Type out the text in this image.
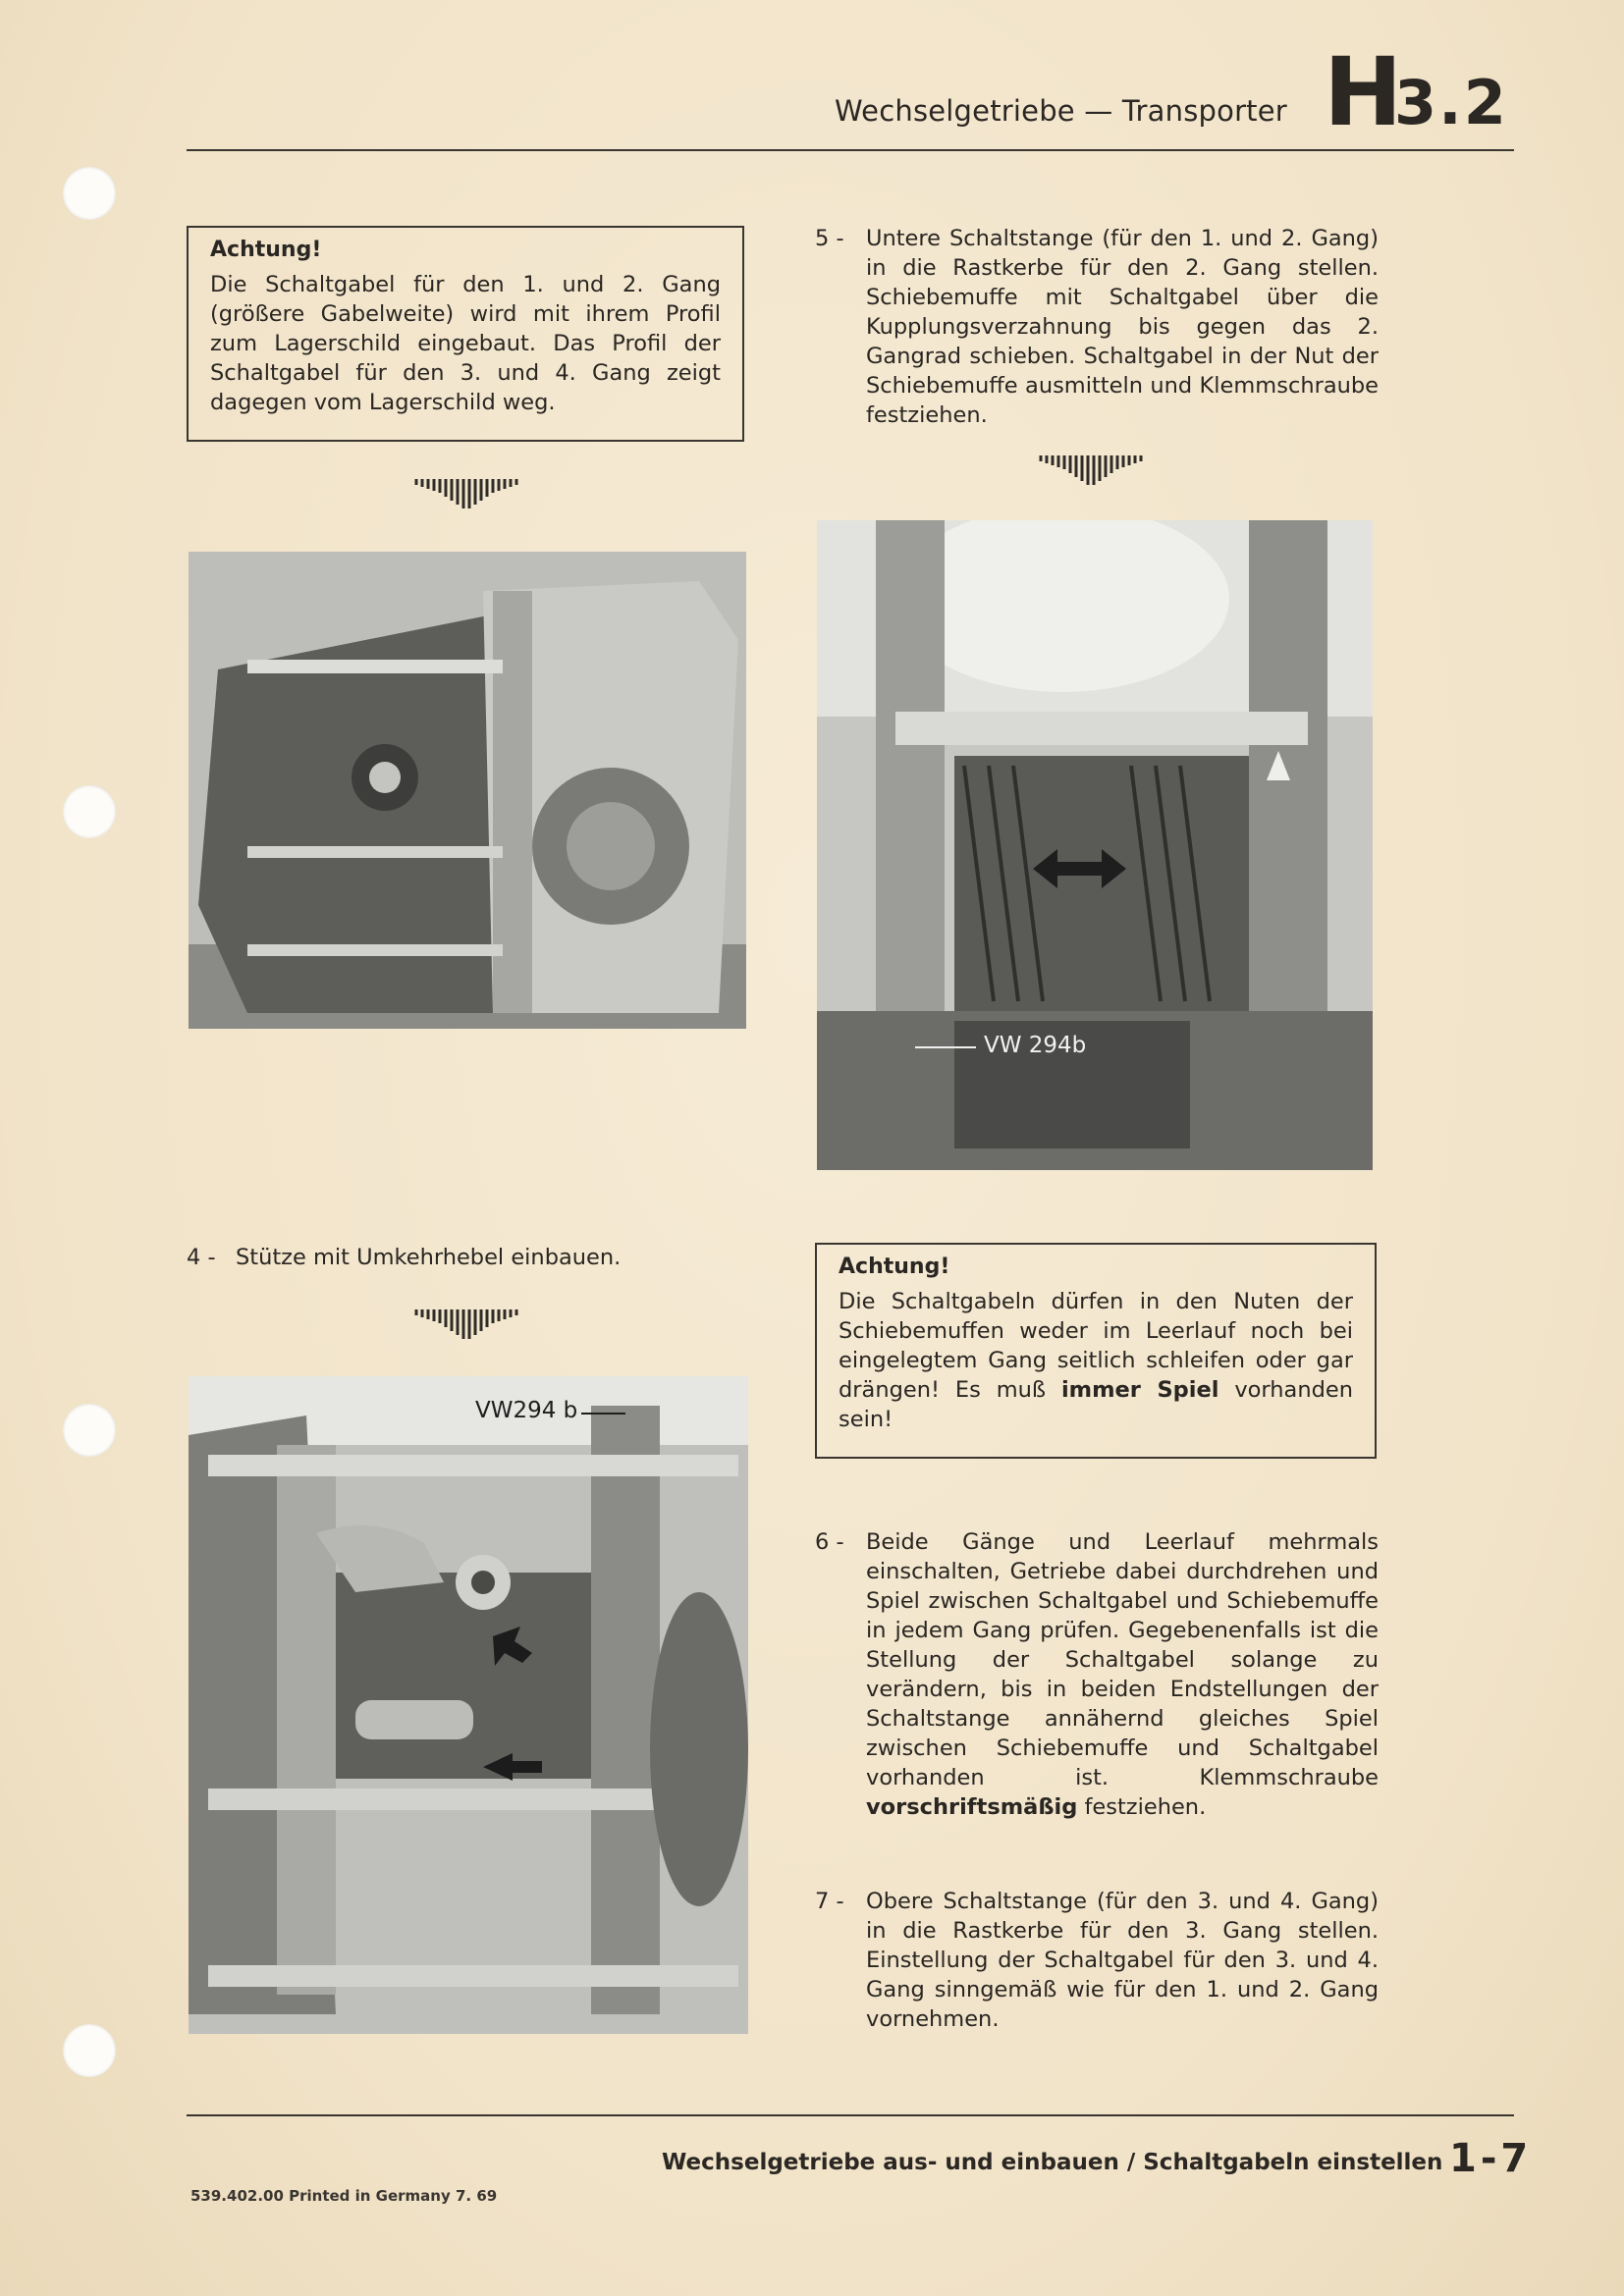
Wechselgetriebe — Transporter H
3.2
Achtung!
Die Schaltgabel für den 1. und 2. Gang (größere Gabelweite) wird mit ihrem Profil zum Lagerschild eingebaut. Das Profil der Schaltgabel für den 3. und 4. Gang zeigt dagegen vom Lagerschild weg.
5 - Untere Schaltstange (für den 1. und 2. Gang) in die Rastkerbe für den 2. Gang stellen. Schiebemuffe mit Schaltgabel über die Kupplungsverzahnung bis gegen das 2. Gangrad schieben. Schaltgabel in der Nut der Schiebemuffe ausmitteln und Klemmschraube festziehen.
VW 294b
4 - Stütze mit Umkehrhebel einbauen.	Achtung!
Die Schaltgabeln dürfen in den Nuten der Schiebemuffen weder im Leerlauf noch bei eingelegtem Gang seitlich schleifen oder gar drängen! Es muß immer Spiel vorhanden sein!
VW294 b
6 - Beide Gänge und Leerlauf mehrmals einschalten, Getriebe dabei durchdrehen und Spiel zwischen Schaltgabel und Schiebemuffe in jedem Gang prüfen. Gegebenenfalls ist die Stellung der Schaltgabel solange zu verändern, bis in beiden Endstellungen der Schaltstange annähernd gleiches Spiel zwischen Schiebemuffe und Schaltgabel vorhanden ist. Klemmschraube vorschriftsmäßig festziehen.
7 - Obere Schaltstange (für den 3. und 4. Gang) in die Rastkerbe für den 3. Gang stellen. Einstellung der Schaltgabel für den 3. und 4. Gang sinngemäß wie für den 1. und 2. Gang vornehmen.
Wechselgetriebe aus- und einbauen / Schaltgabeln einstellen 1-7
539.402.00 Printed in Germany 7. 69
